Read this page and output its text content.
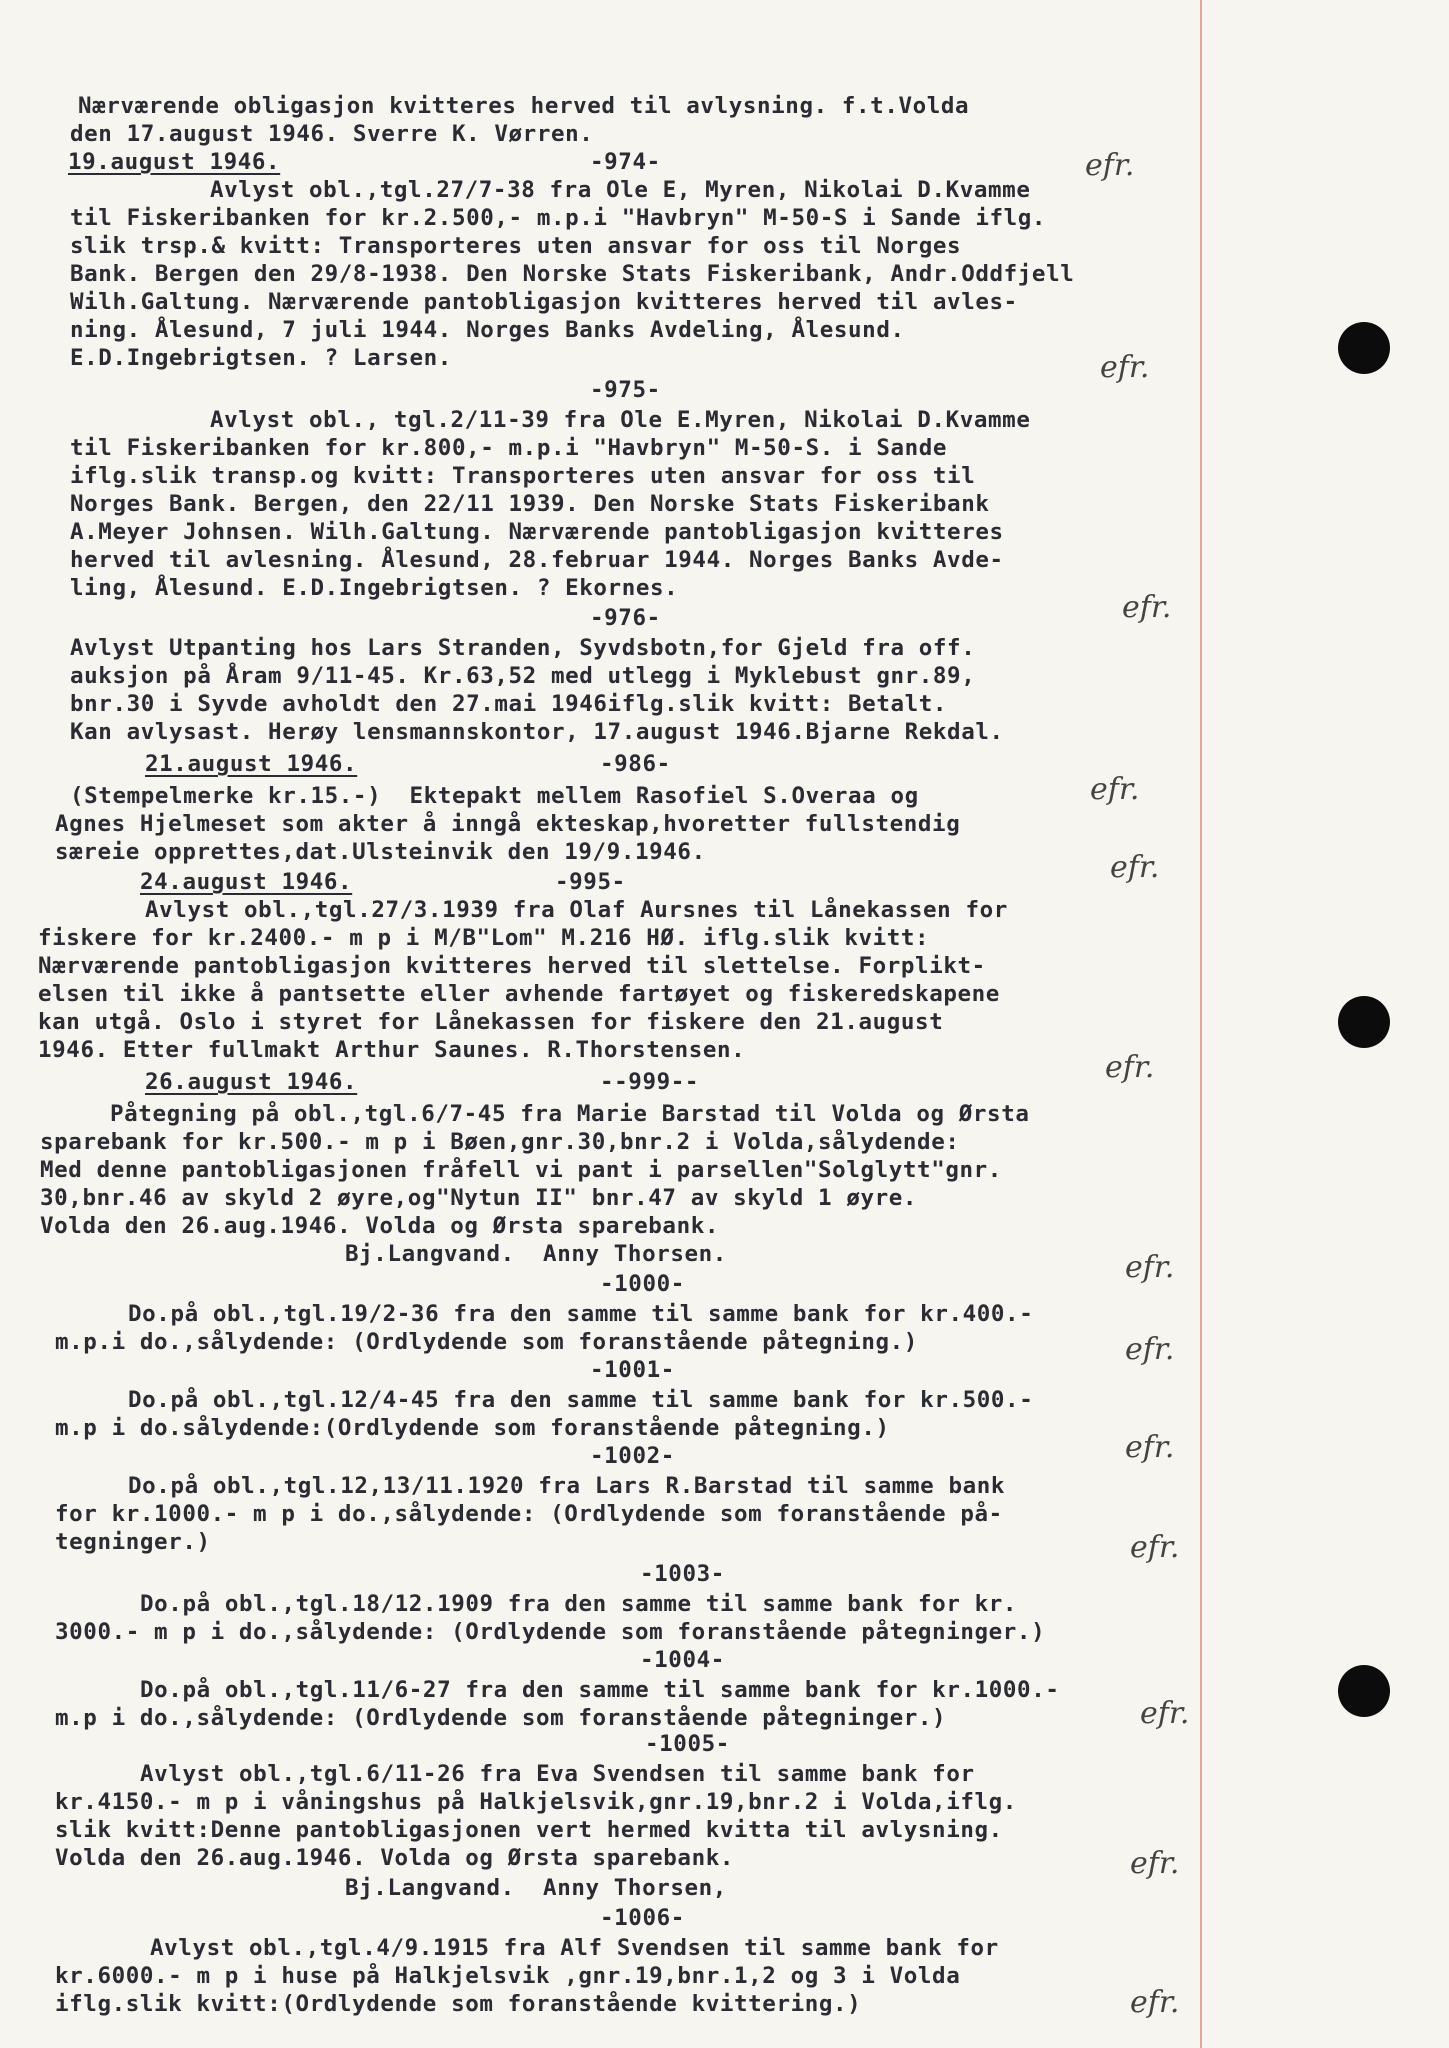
Nærværende obligasjon kvitteres herved til avlysning. f.t.Volda

den 17.august 1946. Sverre K. Vørren.

19.august 1946.	-974-

Avlyst obl.,tgl.27/7-38 fra Ole E, Myren, Nikolai D.Kvamme

til Fiskeribanken for kr.2.500,- m.p.i "Havbryn" M-50-S i Sande iflg.

slik trsp.& kvitt: Transporteres uten ansvar for oss til Norges

Bank. Bergen den 29/8-1938. Den Norske Stats Fiskeribank, Andr.Oddfjell

Wilh.Galtung. Nærværende pantobligasjon kvitteres herved til avles-

ning. Ålesund, 7 juli 1944. Norges Banks Avdeling, Ålesund.

E.D.Ingebrigtsen. ? Larsen.

-975-

Avlyst obl., tgl.2/11-39 fra Ole E.Myren, Nikolai D.Kvamme

til Fiskeribanken for kr.800,- m.p.i "Havbryn" M-50-S. i Sande

iflg.slik transp.og kvitt: Transporteres uten ansvar for oss til

Norges Bank. Bergen, den 22/11 1939. Den Norske Stats Fiskeribank

A.Meyer Johnsen. Wilh.Galtung. Nærværende pantobligasjon kvitteres

herved til avlesning. Ålesund, 28.februar 1944. Norges Banks Avde-

ling, Ålesund. E.D.Ingebrigtsen. ? Ekornes.

-976-

Avlyst Utpanting hos Lars Stranden, Syvdsbotn,for Gjeld fra off.

auksjon på Åram 9/11-45. Kr.63,52 med utlegg i Myklebust gnr.89,

bnr.30 i Syvde avholdt den 27.mai 1946iflg.slik kvitt: Betalt.

Kan avlysast. Herøy lensmannskontor, 17.august 1946.Bjarne Rekdal.

21.august 1946.	-986-

(Stempelmerke kr.15.-)  Ektepakt mellem Rasofiel S.Overaa og

Agnes Hjelmeset som akter å inngå ekteskap,hvoretter fullstendig

særeie opprettes,dat.Ulsteinvik den 19/9.1946.

24.august 1946.	-995-

Avlyst obl.,tgl.27/3.1939 fra Olaf Aursnes til Lånekassen for

fiskere for kr.2400.- m p i M/B"Lom" M.216 HØ. iflg.slik kvitt:

Nærværende pantobligasjon kvitteres herved til slettelse. Forplikt-

elsen til ikke å pantsette eller avhende fartøyet og fiskeredskapene

kan utgå. Oslo i styret for Lånekassen for fiskere den 21.august

1946. Etter fullmakt Arthur Saunes. R.Thorstensen.

26.august 1946.	--999--

Påtegning på obl.,tgl.6/7-45 fra Marie Barstad til Volda og Ørsta

sparebank for kr.500.- m p i Bøen,gnr.30,bnr.2 i Volda,sålydende:

Med denne pantobligasjonen fråfell vi pant i parsellen"Solglytt"gnr.

30,bnr.46 av skyld 2 øyre,og"Nytun II" bnr.47 av skyld 1 øyre.

Volda den 26.aug.1946. Volda og Ørsta sparebank.

Bj.Langvand.  Anny Thorsen.

-1000-

Do.på obl.,tgl.19/2-36 fra den samme til samme bank for kr.400.-

m.p.i do.,sålydende: (Ordlydende som foranstående påtegning.)

-1001-

Do.på obl.,tgl.12/4-45 fra den samme til samme bank for kr.500.-

m.p i do.sålydende:(Ordlydende som foranstående påtegning.)

-1002-

Do.på obl.,tgl.12,13/11.1920 fra Lars R.Barstad til samme bank

for kr.1000.- m p i do.,sålydende: (Ordlydende som foranstående på-

tegninger.)

-1003-

Do.på obl.,tgl.18/12.1909 fra den samme til samme bank for kr.

3000.- m p i do.,sålydende: (Ordlydende som foranstående påtegninger.)

-1004-

Do.på obl.,tgl.11/6-27 fra den samme til samme bank for kr.1000.-

m.p i do.,sålydende: (Ordlydende som foranstående påtegninger.)

-1005-

Avlyst obl.,tgl.6/11-26 fra Eva Svendsen til samme bank for

kr.4150.- m p i våningshus på Halkjelsvik,gnr.19,bnr.2 i Volda,iflg.

slik kvitt:Denne pantobligasjonen vert hermed kvitta til avlysning.

Volda den 26.aug.1946. Volda og Ørsta sparebank.

Bj.Langvand.  Anny Thorsen,

-1006-

Avlyst obl.,tgl.4/9.1915 fra Alf Svendsen til samme bank for

kr.6000.- m p i huse på Halkjelsvik ,gnr.19,bnr.1,2 og 3 i Volda

iflg.slik kvitt:(Ordlydende som foranstående kvittering.)

efr.
efr.
efr.
efr.
efr.
efr.
efr.
efr.
efr.
efr.
efr.
efr.
efr.
